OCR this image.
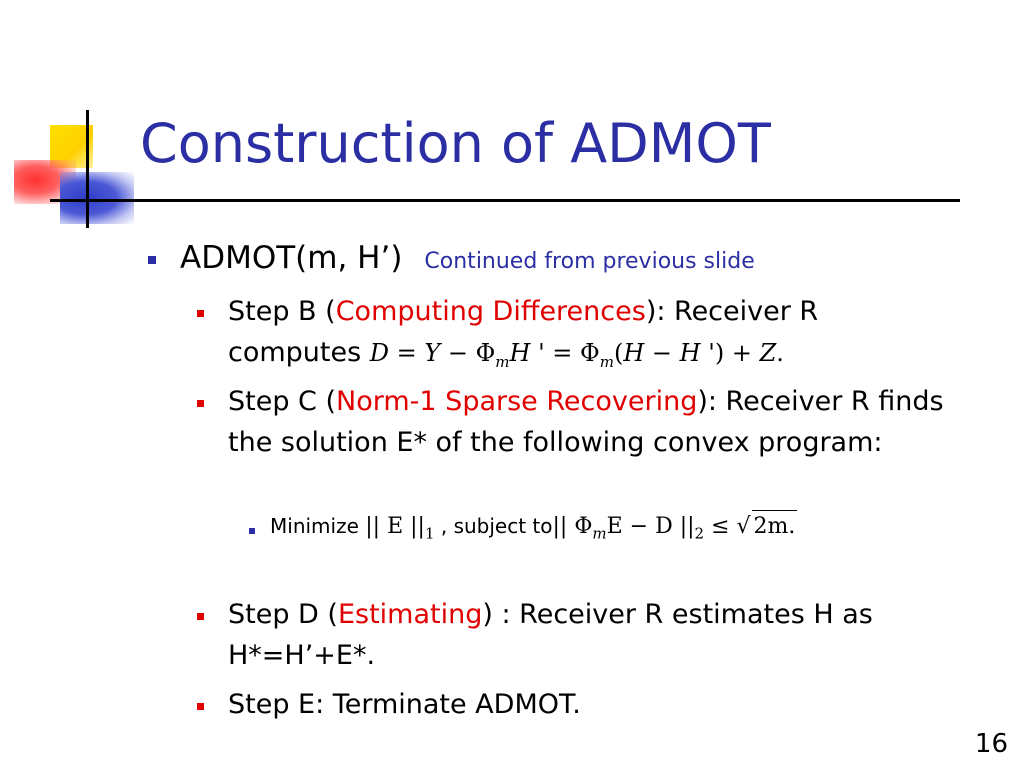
Construction of ADMOT
ADMOT(m, H’) Continued from previous slide
Step B (Computing Differences): Receiver R
computes $D = Y - \Phi_mH$ ' = $\Phi_m(H - H$ ') + Z.
Step C (Norm-1 Sparse Recovering): Receiver R finds the solution E* of the following convex program:
Minimize || E $||_1$ , subject to|| $\Phi_mE - D$ $||_2$ ≤ √ 2m.
Step D (Estimating) : Receiver R estimates H as H*=H’+E*.
Step E: Terminate ADMOT.
16
